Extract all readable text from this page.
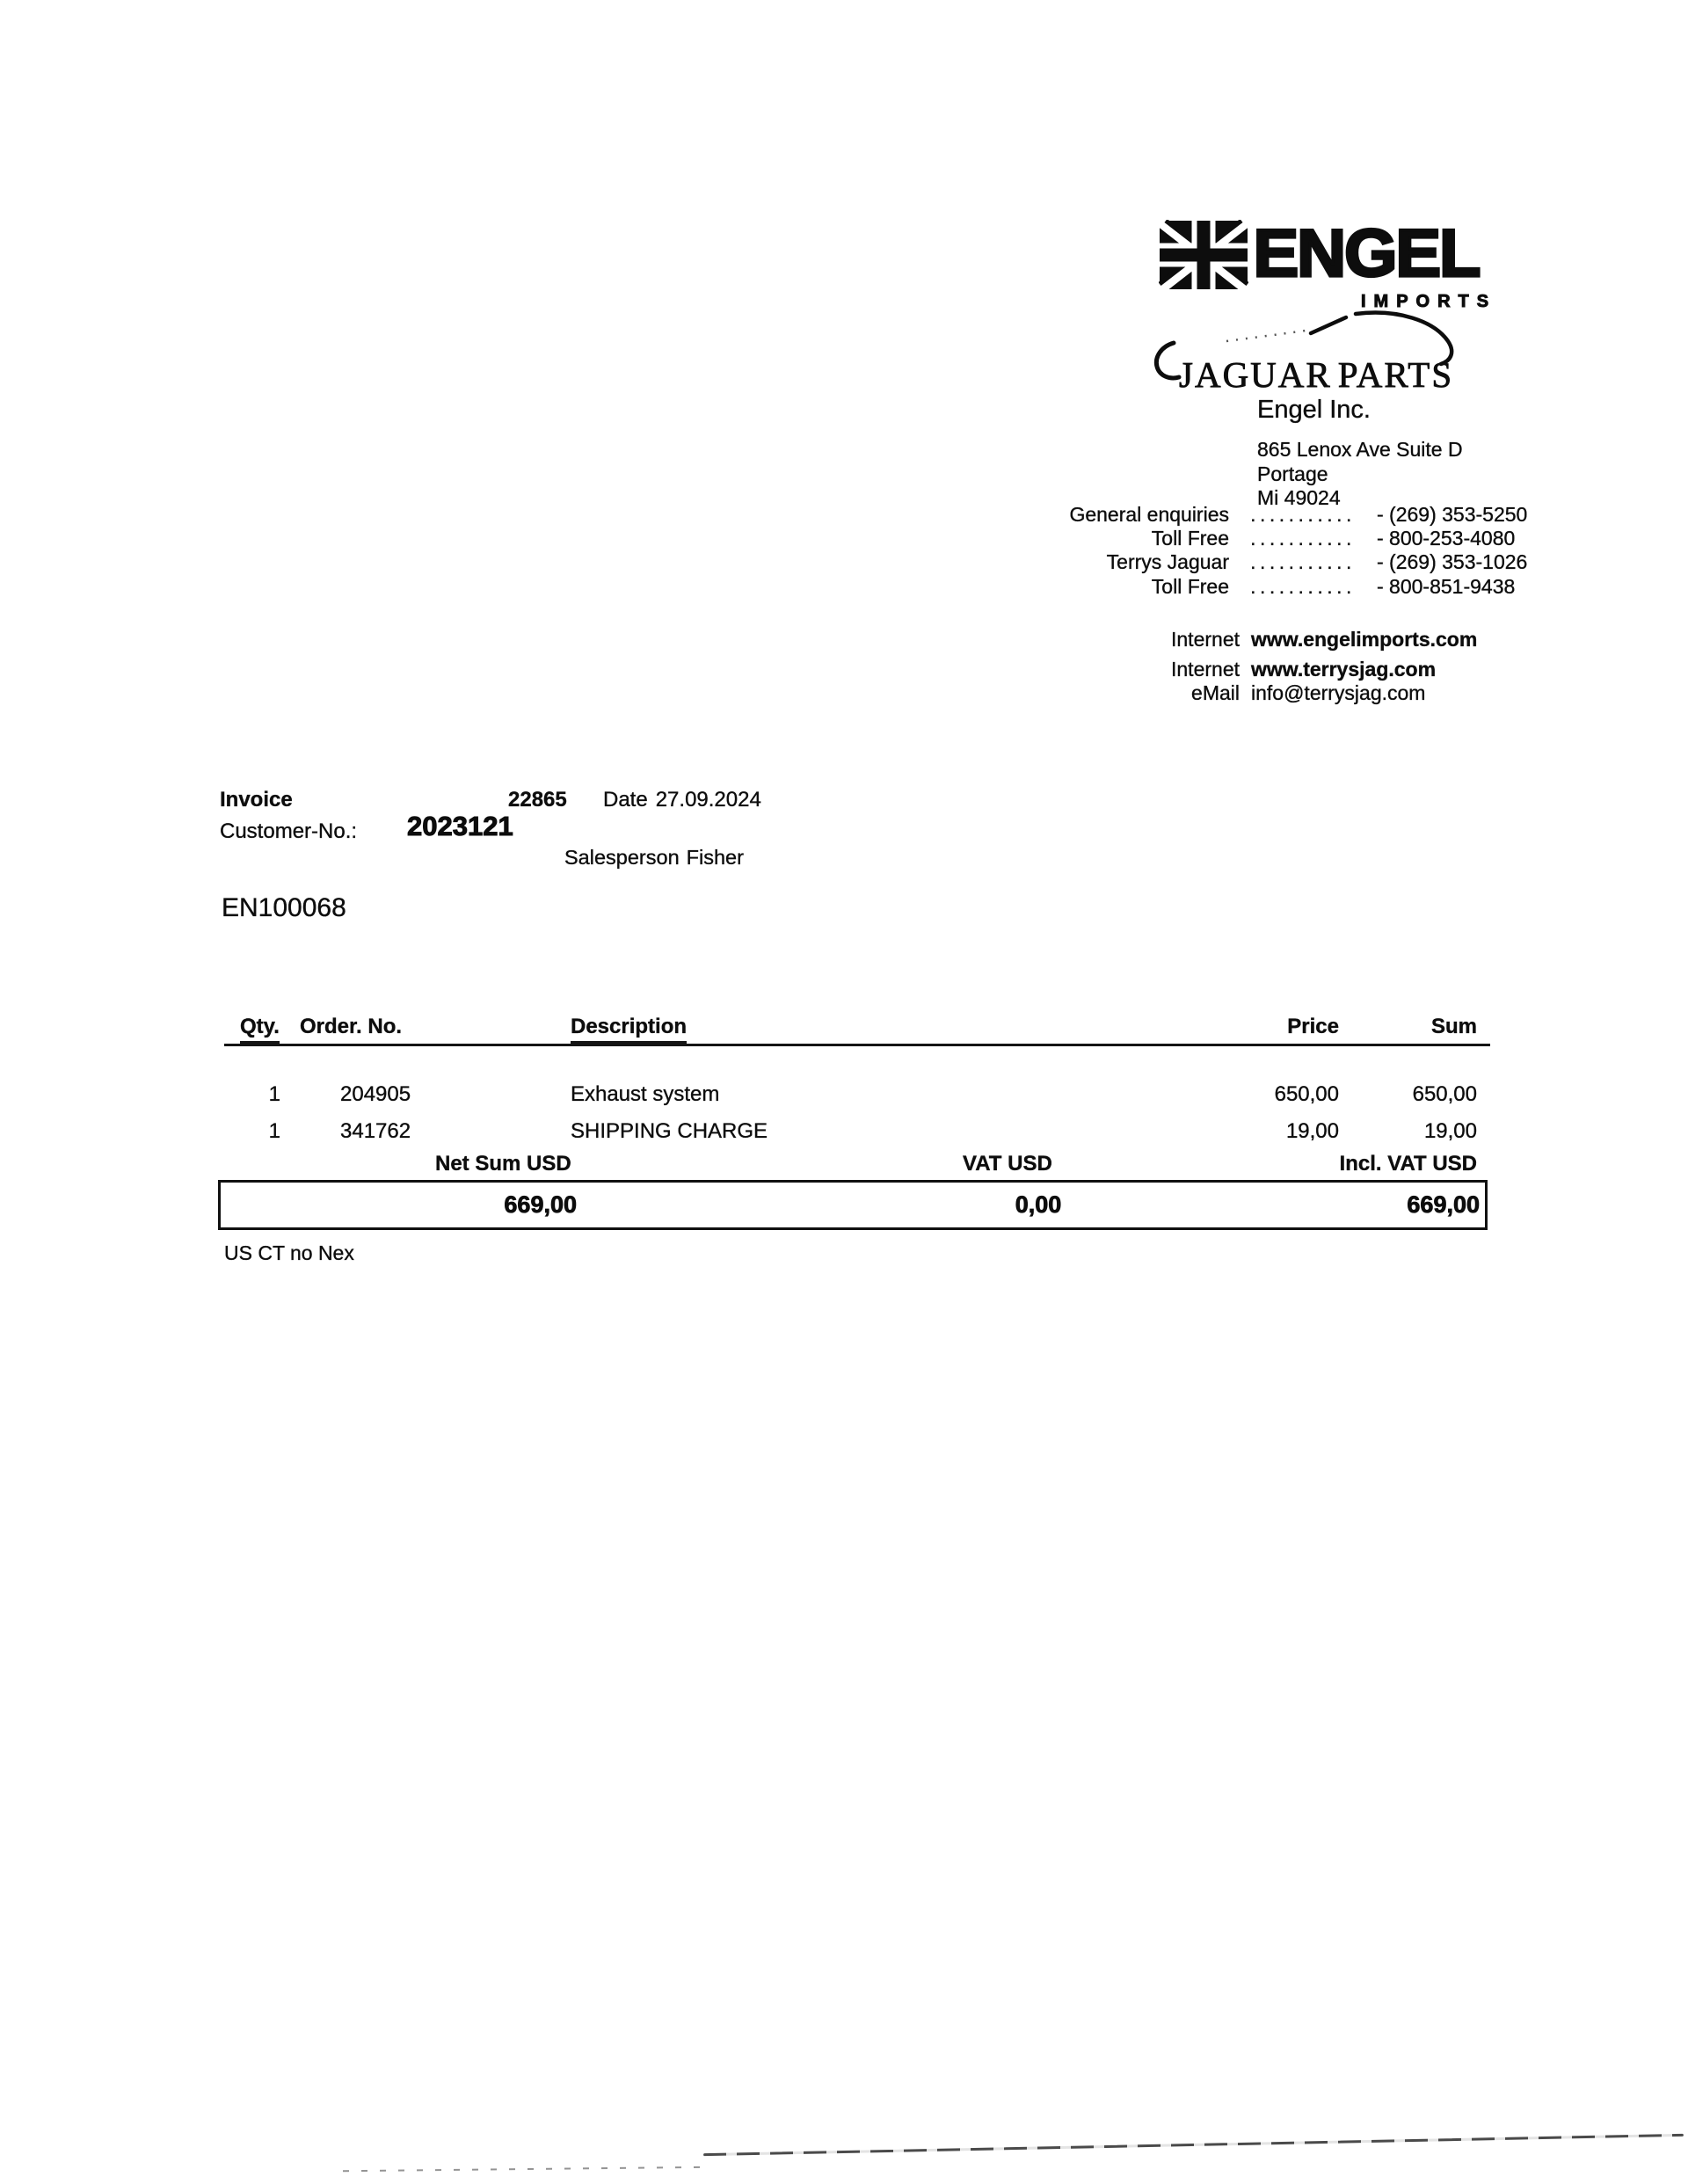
ENGEL
IMPORTS
JAGUAR PARTS
Engel Inc.
865 Lenox Ave Suite D
Portage
Mi 49024
General enquiries	...........	- (269) 353-5250
Toll Free	...........	- 800-253-4080
Terrys Jaguar	...........	- (269) 353-1026
Toll Free	...........	- 800-851-9438
Internet www.engelimports.com
Internet www.terrysjag.com
eMail info@terrysjag.com
Invoice	22865 Date 27.09.2024
Customer-No.: 2023121
Salesperson Fisher
EN100068
Qty. Order. No.	Description	Price	Sum
1	204905	Exhaust system	650,00	650,00
1	341762	SHIPPING CHARGE	19,00	19,00
Net Sum USD	VAT USD	Incl. VAT USD
669,00	0,00	669,00
US CT no Nex
